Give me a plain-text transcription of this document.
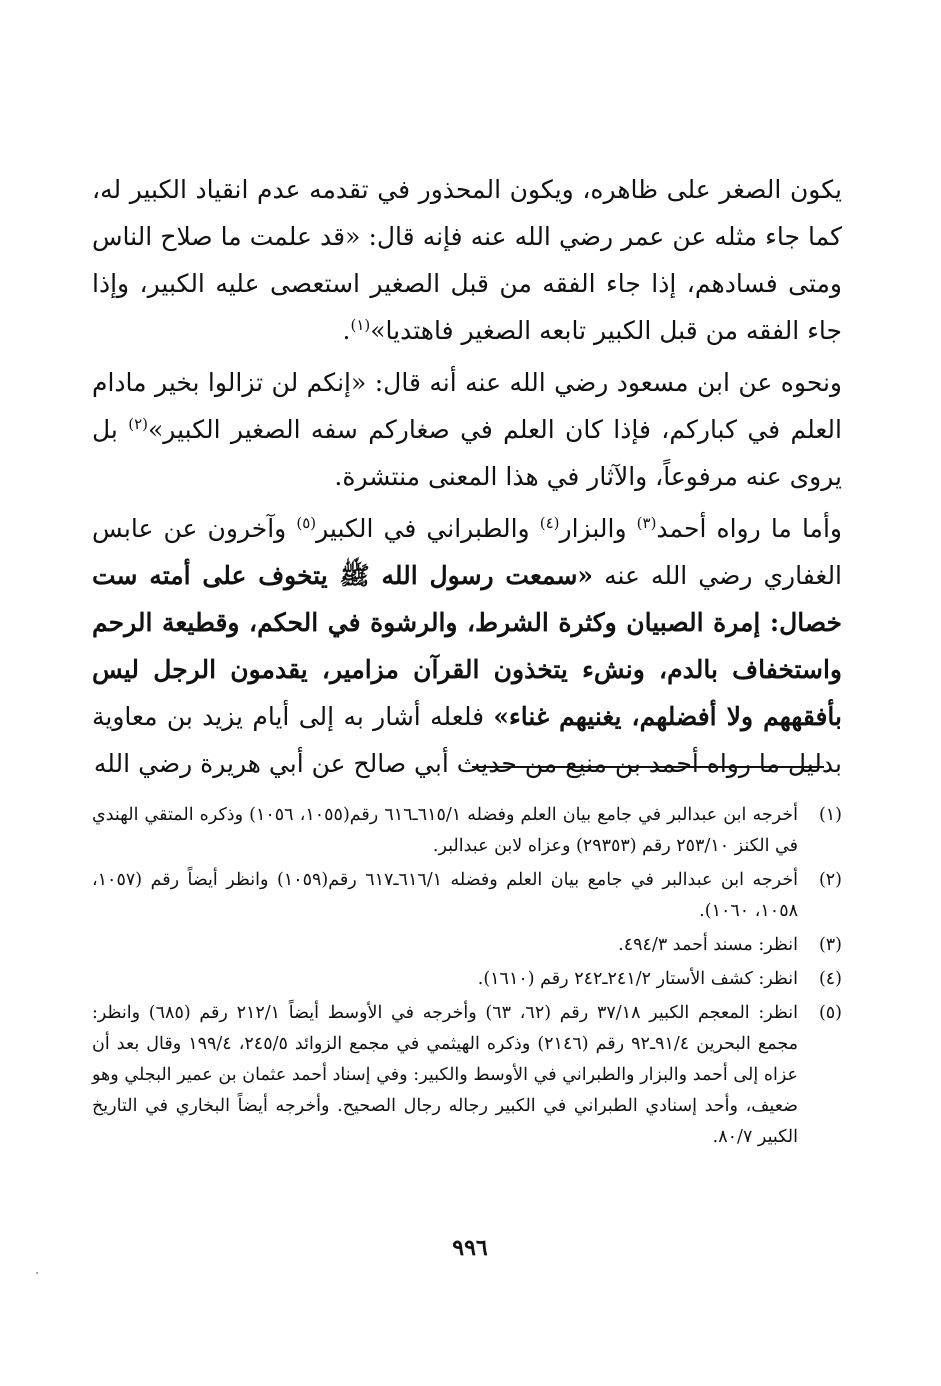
يكون الصغر على ظاهره، ويكون المحذور في تقدمه عدم انقياد الكبير له، كما جاء مثله عن عمر رضي الله عنه فإنه قال: «قد علمت ما صلاح الناس ومتى فسادهم، إذا جاء الفقه من قبل الصغير استعصى عليه الكبير، وإذا جاء الفقه من قبل الكبير تابعه الصغير فاهتديا»$^{(١)}$.

ونحوه عن ابن مسعود رضي الله عنه أنه قال: «إنكم لن تزالوا بخير مادام العلم في كباركم، فإذا كان العلم في صغاركم سفه الصغير الكبير»$^{(٢)}$ بل يروى عنه مرفوعاً، والآثار في هذا المعنى منتشرة.

وأما ما رواه أحمد$^{(٣)}$ والبزار$^{(٤)}$ والطبراني في الكبير$^{(٥)}$ وآخرون عن عابس الغفاري رضي الله عنه «سمعت رسول الله ﷺ يتخوف على أمته ست خصال: إمرة الصبيان وكثرة الشرط، والرشوة في الحكم، وقطيعة الرحم واستخفاف بالدم، ونشء يتخذون القرآن مزامير، يقدمون الرجل ليس بأفقههم ولا أفضلهم، يغنيهم غناء» فلعله أشار به إلى أيام يزيد بن معاوية بدليل ما رواه أحمد بن منيع من حديث أبي صالح عن أبي هريرة رضي الله

(١)
أخرجه ابن عبدالبر في جامع بيان العلم وفضله ٦١٥/١ـ٦١٦ رقم(١٠٥٥، ١٠٥٦) وذكره المتقي الهندي في الكنز ٢٥٣/١٠ رقم (٢٩٣٥٣) وعزاه لابن عبدالبر.
(٢)
أخرجه ابن عبدالبر في جامع بيان العلم وفضله ٦١٦/١ـ٦١٧ رقم(١٠٥٩) وانظر أيضاً رقم (١٠٥٧، ١٠٥٨، ١٠٦٠).
(٣)
انظر: مسند أحمد ٤٩٤/٣.
(٤)
انظر: كشف الأستار ٢٤١/٢ـ٢٤٢ رقم (١٦١٠).
(٥)
انظر: المعجم الكبير ٣٧/١٨ رقم (٦٢، ٦٣) وأخرجه في الأوسط أيضاً ٢١٢/١ رقم (٦٨٥) وانظر: مجمع البحرين ٩١/٤ـ٩٢ رقم (٢١٤٦) وذكره الهيثمي في مجمع الزوائد ٢٤٥/٥، ١٩٩/٤ وقال بعد أن عزاه إلى أحمد والبزار والطبراني في الأوسط والكبير: وفي إسناد أحمد عثمان بن عمير البجلي وهو ضعيف، وأحد إسنادي الطبراني في الكبير رجاله رجال الصحيح. وأخرجه أيضاً البخاري في التاريخ الكبير ٨٠/٧.
٩٩٦
